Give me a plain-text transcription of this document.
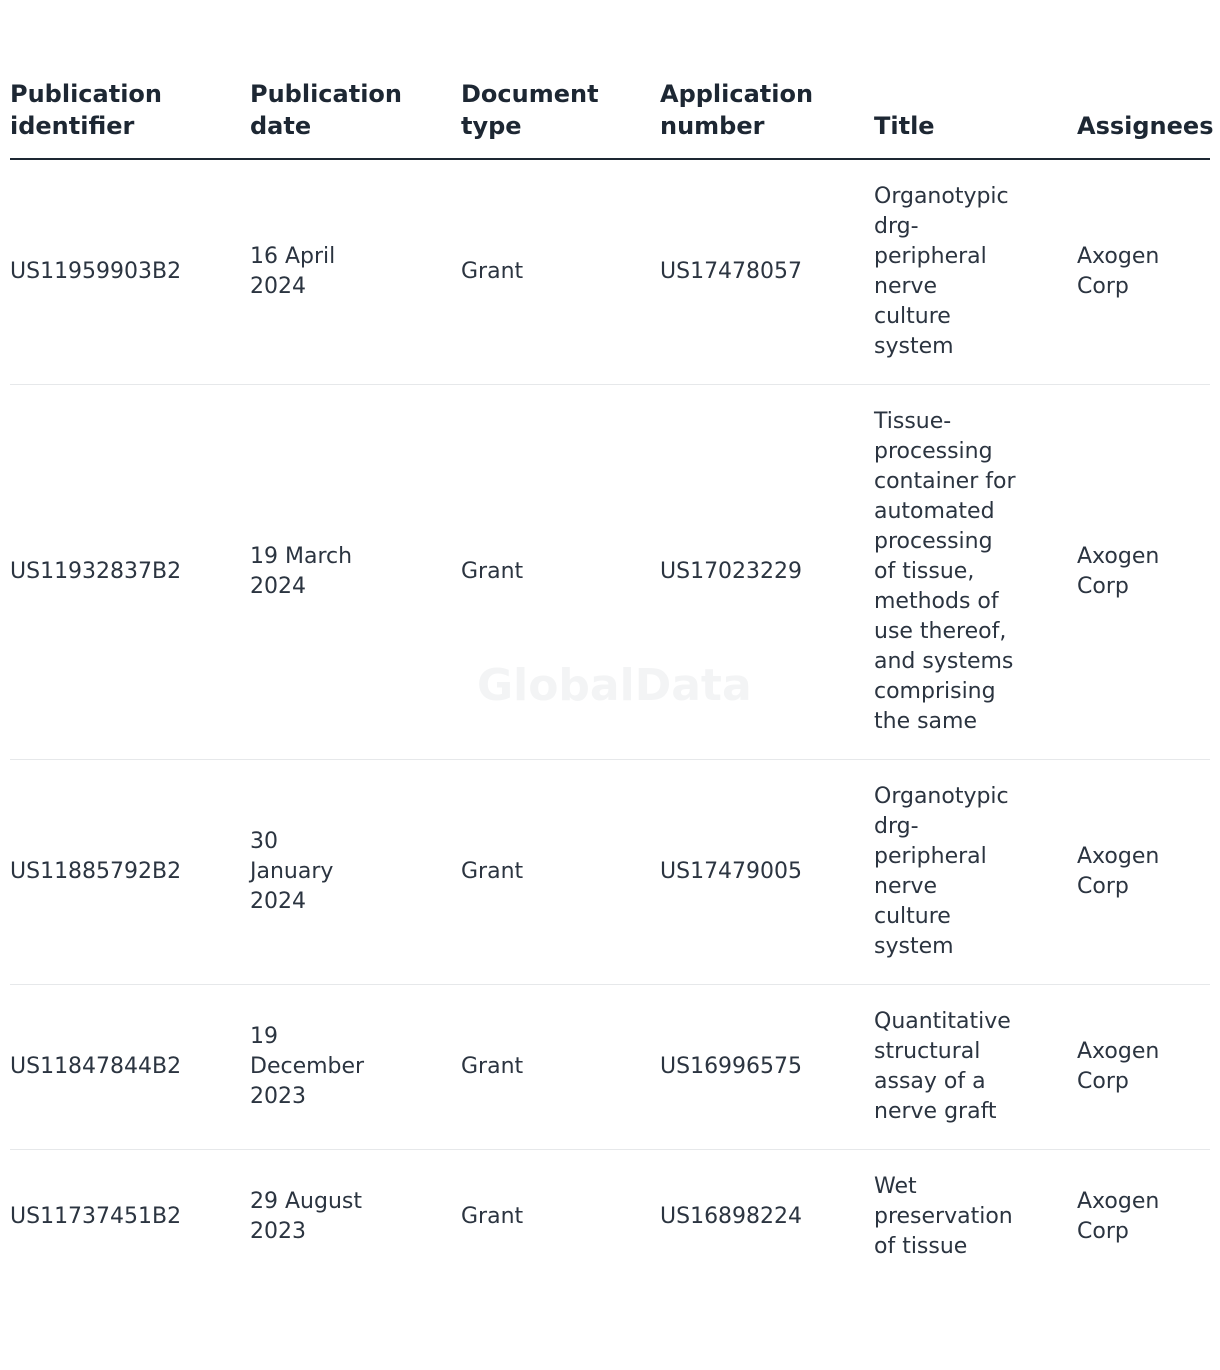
GlobalData
Publication identifier	Publication date	Document type	Application number	Title	Assignees
US11959903B2	16 April 2024	Grant	US17478057	Organotypic drg-peripheral nerve culture system	Axogen Corp

US11932837B2	19 March 2024	Grant	US17023229	Tissue-processing container for automated processing of tissue, methods of use thereof, and systems comprising the same	Axogen Corp

US11885792B2	30 January 2024	Grant	US17479005	Organotypic drg-peripheral nerve culture system	Axogen Corp

US11847844B2	19 December 2023	Grant	US16996575	Quantitative structural assay of a nerve graft	Axogen Corp

US11737451B2	29 August 2023	Grant	US16898224	Wet preservation of tissue	Axogen Corp
